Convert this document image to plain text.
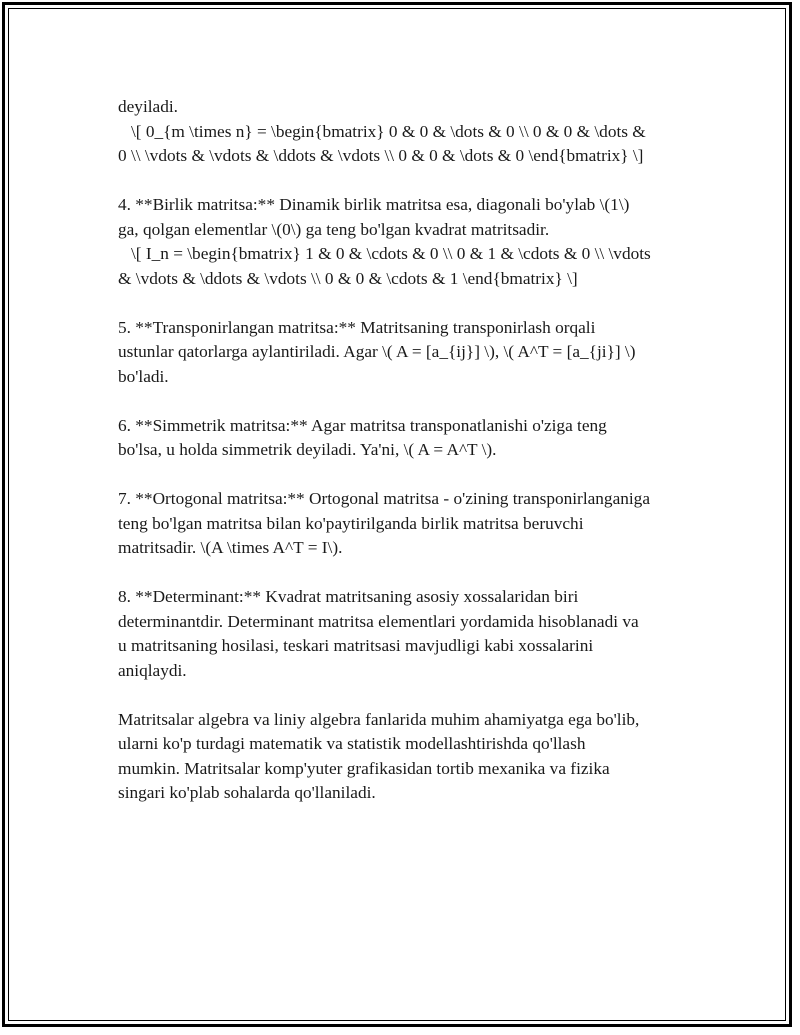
deyiladi.
\[ 0_{m \times n} = \begin{bmatrix} 0 & 0 & \dots & 0 \\ 0 & 0 & \dots &
0 \\ \vdots & \vdots & \ddots & \vdots \\ 0 & 0 & \dots & 0 \end{bmatrix} \]

4. **Birlik matritsa:** Dinamik birlik matritsa esa, diagonali bo'ylab \(1\)
ga, qolgan elementlar \(0\) ga teng bo'lgan kvadrat matritsadir.
\[ I_n = \begin{bmatrix} 1 & 0 & \cdots & 0 \\ 0 & 1 & \cdots & 0 \\ \vdots
& \vdots & \ddots & \vdots \\ 0 & 0 & \cdots & 1 \end{bmatrix} \]

5. **Transponirlangan matritsa:** Matritsaning transponirlash orqali
ustunlar qatorlarga aylantiriladi. Agar \( A = [a_{ij}] \), \( A^T = [a_{ji}] \)
bo'ladi.

6. **Simmetrik matritsa:** Agar matritsa transponatlanishi o'ziga teng
bo'lsa, u holda simmetrik deyiladi. Ya'ni, \( A = A^T \).

7. **Ortogonal matritsa:** Ortogonal matritsa - o'zining transponirlanganiga
teng bo'lgan matritsa bilan ko'paytirilganda birlik matritsa beruvchi
matritsadir. \(A \times A^T = I\).

8. **Determinant:** Kvadrat matritsaning asosiy xossalaridan biri
determinantdir. Determinant matritsa elementlari yordamida hisoblanadi va
u matritsaning hosilasi, teskari matritsasi mavjudligi kabi xossalarini
aniqlaydi.

Matritsalar algebra va liniy algebra fanlarida muhim ahamiyatga ega bo'lib,
ularni ko'p turdagi matematik va statistik modellashtirishda qo'llash
mumkin. Matritsalar komp'yuter grafikasidan tortib mexanika va fizika
singari ko'plab sohalarda qo'llaniladi.
